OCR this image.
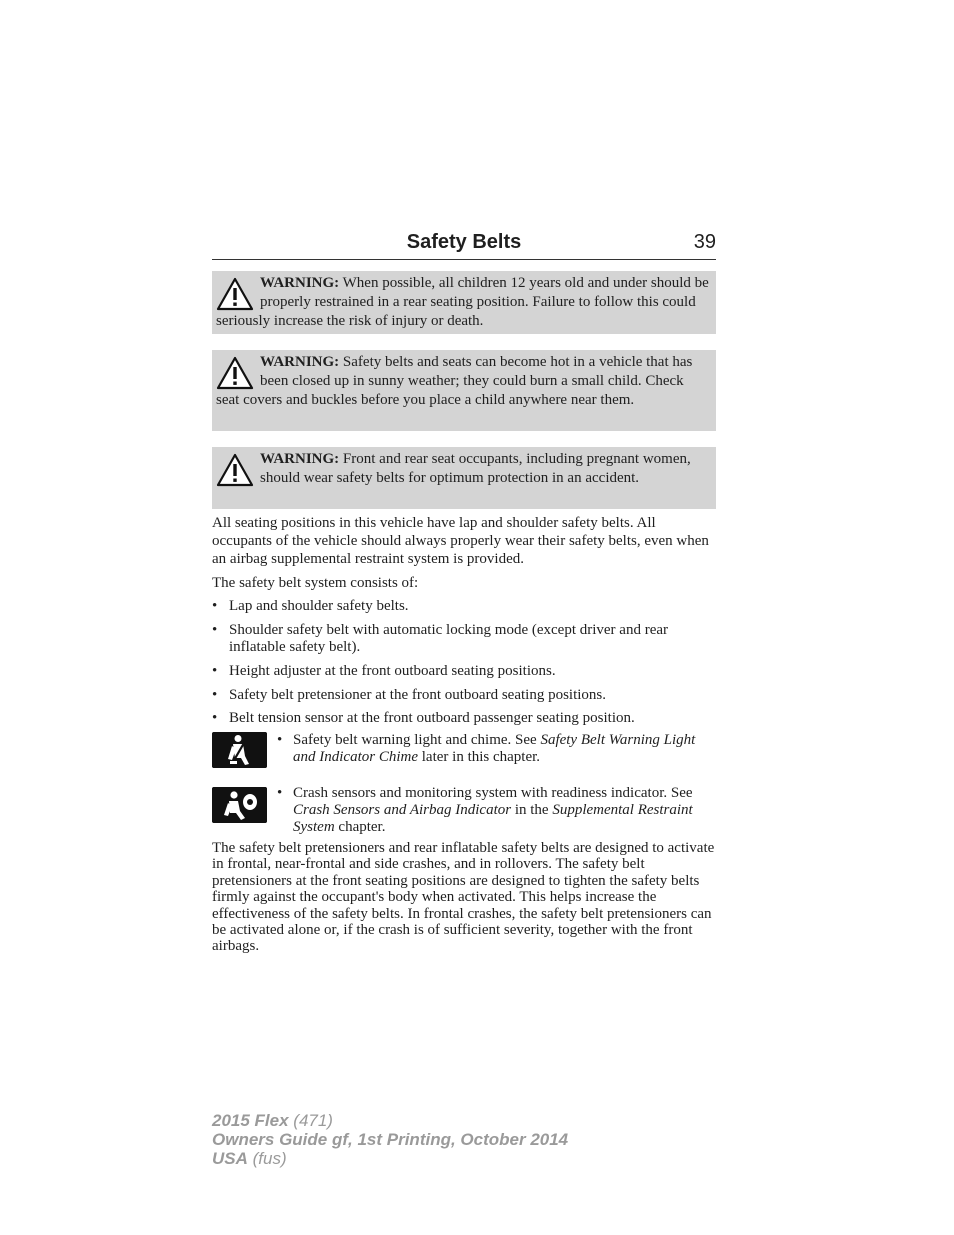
Safety Belts	39
WARNING: When possible, all children 12 years old and under should be properly restrained in a rear seating position. Failure to follow this could seriously increase the risk of injury or death.
WARNING: Safety belts and seats can become hot in a vehicle that has been closed up in sunny weather; they could burn a small child. Check seat covers and buckles before you place a child anywhere near them.
WARNING: Front and rear seat occupants, including pregnant women, should wear safety belts for optimum protection in an accident.
All seating positions in this vehicle have lap and shoulder safety belts. All occupants of the vehicle should always properly wear their safety belts, even when an airbag supplemental restraint system is provided.
The safety belt system consists of:
• Lap and shoulder safety belts.
• Shoulder safety belt with automatic locking mode (except driver and rear inflatable safety belt).
• Height adjuster at the front outboard seating positions.
• Safety belt pretensioner at the front outboard seating positions.
• Belt tension sensor at the front outboard passenger seating position.
• Safety belt warning light and chime. See Safety Belt Warning Light and Indicator Chime later in this chapter.
• Crash sensors and monitoring system with readiness indicator. See Crash Sensors and Airbag Indicator in the Supplemental Restraint System chapter.
The safety belt pretensioners and rear inflatable safety belts are designed to activate in frontal, near-frontal and side crashes, and in rollovers. The safety belt pretensioners at the front seating positions are designed to tighten the safety belts firmly against the occupant's body when activated. This helps increase the effectiveness of the safety belts. In frontal crashes, the safety belt pretensioners can be activated alone or, if the crash is of sufficient severity, together with the front airbags.
2015 Flex (471)
Owners Guide gf, 1st Printing, October 2014
USA (fus)
